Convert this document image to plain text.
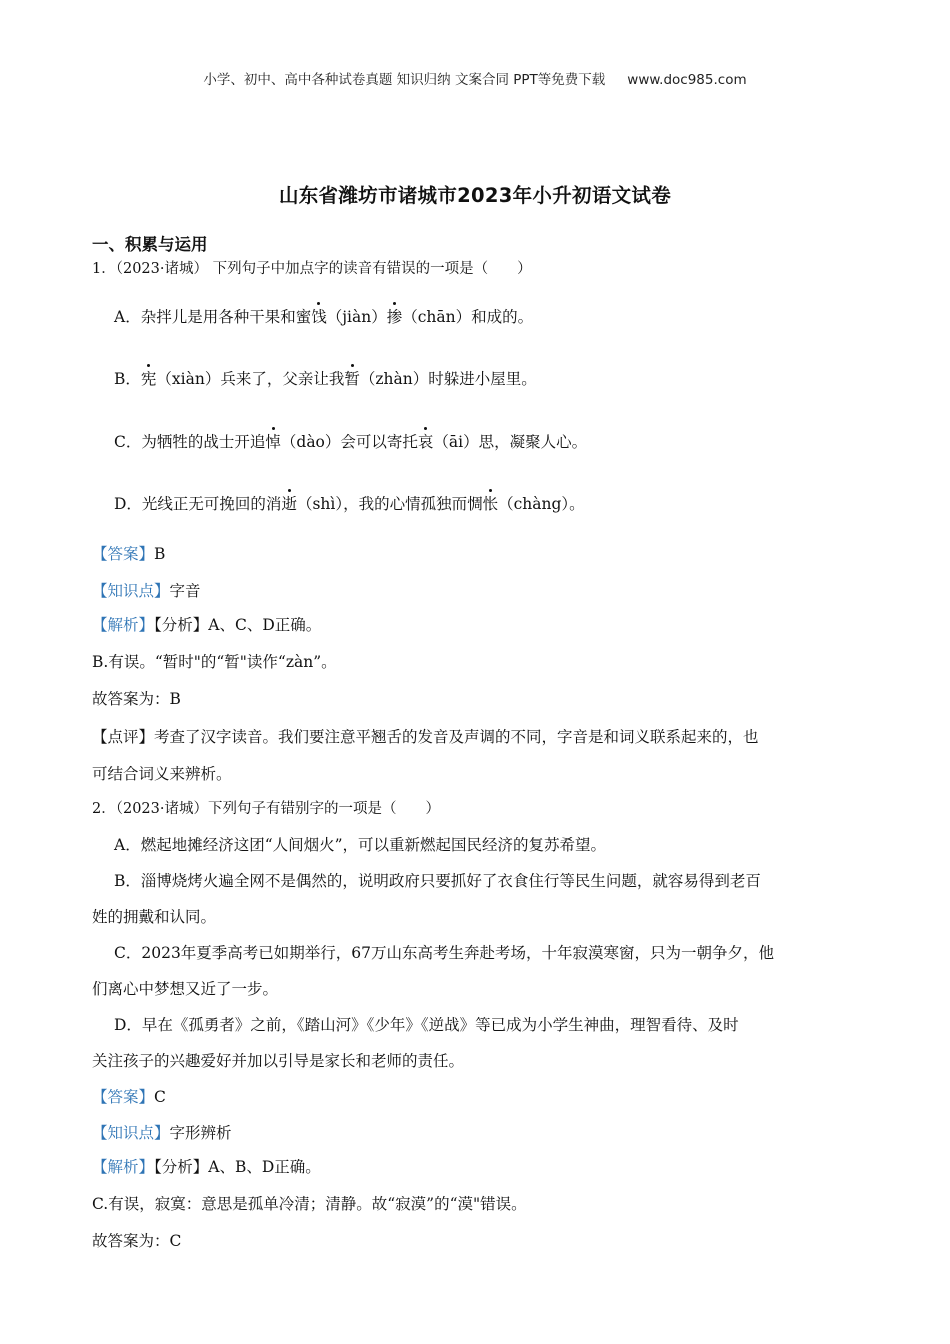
小学、初中、高中各种试卷真题 知识归纳 文案合同 PPT等免费下载 www.doc985.com
山东省潍坊市诸城市2023年小升初语文试卷
一、积累与运用
1．（2023·诸城） 下列句子中加点字的读音有错误的一项是（　　）
A．杂拌儿是用各种干果和蜜饯（jiàn）掺（chān）和成的。
B．宪（xiàn）兵来了，父亲让我暂（zhàn）时躲进小屋里。
C．为牺牲的战士开追悼（dào）会可以寄托哀（āi）思，凝聚人心。
D．光线正无可挽回的消逝（shì），我的心情孤独而惆怅（chàng）。
【答案】B
【知识点】字音
【解析】【分析】A、C、D正确。
B.有误。“暂时"的“暂"读作“zàn”。
故答案为：B
【点评】考查了汉字读音。我们要注意平翘舌的发音及声调的不同，字音是和词义联系起来的，也
可结合词义来辨析。
2．（2023·诸城）下列句子有错别字的一项是（　　）
A．燃起地摊经济这团“人间烟火”，可以重新燃起国民经济的复苏希望。
B．淄博烧烤火遍全网不是偶然的，说明政府只要抓好了衣食住行等民生问题，就容易得到老百
姓的拥戴和认同。
C．2023年夏季高考已如期举行，67万山东高考生奔赴考场，十年寂漠寒窗，只为一朝争夕，他
们离心中梦想又近了一步。
D．早在《孤勇者》之前，《踏山河》《少年》《逆战》等已成为小学生神曲，理智看待、及时
关注孩子的兴趣爱好并加以引导是家长和老师的责任。
【答案】C
【知识点】字形辨析
【解析】【分析】A、B、D正确。
C.有误，寂寞：意思是孤单冷清；清静。故“寂漠”的“漠"错误。
故答案为：C
